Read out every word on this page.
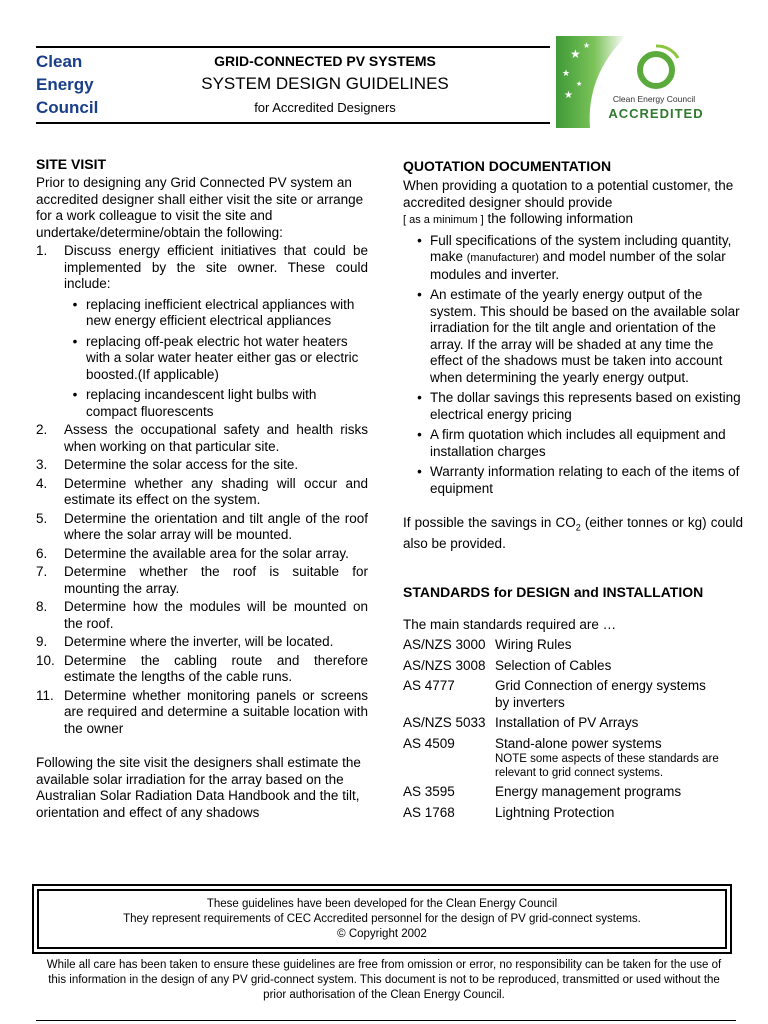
Clean
Energy
Council
GRID-CONNECTED PV SYSTEMS
SYSTEM DESIGN GUIDELINES
for Accredited Designers
★
★
★
★
★	Clean Energy Council
ACCREDITED
SITE VISIT

Prior to designing any Grid Connected PV system an accredited designer shall either visit the site or arrange for a work colleague to visit the site and undertake/determine/obtain the following:

1.	Discuss energy efficient initiatives that could be implemented by the site owner. These could include:
• replacing inefficient electrical appliances with new energy efficient electrical appliances
• replacing off-peak electric hot water heaters with a solar water heater either gas or electric boosted.(If applicable)
• replacing incandescent light bulbs with compact fluorescents
2.	Assess the occupational safety and health risks when working on that particular site.
3.	Determine the solar access for the site.
4.	Determine whether any shading will occur and estimate its effect on the system.
5.	Determine the orientation and tilt angle of the roof where the solar array will be mounted.
6.	Determine the available area for the solar array.
7.	Determine whether the roof is suitable for mounting the array.
8.	Determine how the modules will be mounted on the roof.
9.	Determine where the inverter, will be located.
10. Determine the cabling route and therefore estimate the lengths of the cable runs.
11. Determine whether monitoring panels or screens are required and determine a suitable location with the owner

Following the site visit the designers shall estimate the available solar irradiation for the array based on the Australian Solar Radiation Data Handbook and the tilt, orientation and effect of any shadows

QUOTATION DOCUMENTATION

When providing a quotation to a potential customer, the accredited designer should provide
[ as a minimum ] the following information

• Full specifications of the system including quantity, make (manufacturer) and model number of the solar modules and inverter.
• An estimate of the yearly energy output of the system. This should be based on the available solar irradiation for the tilt angle and orientation of the array. If the array will be shaded at any time the effect of the shadows must be taken into account when determining the yearly energy output.
• The dollar savings this represents based on existing electrical energy pricing
• A firm quotation which includes all equipment and installation charges
• Warranty information relating to each of the items of equipment

If possible the savings in $CO_2$ (either tonnes or kg) could also be provided.

STANDARDS for DESIGN and INSTALLATION

The main standards required are …

AS/NZS 3000 Wiring Rules
AS/NZS 3008 Selection of Cables
AS 4777	Grid Connection of energy systems by inverters
AS/NZS 5033 Installation of PV Arrays
AS 4509	Stand-alone power systems
NOTE some aspects of these standards are relevant to grid connect systems.
AS 3595	Energy management programs
AS 1768	Lightning Protection
These guidelines have been developed for the Clean Energy Council
They represent requirements of CEC Accredited personnel for the design of PV grid-connect systems.
© Copyright 2002
While all care has been taken to ensure these guidelines are free from omission or error, no responsibility can be taken for the use of this information in the design of any PV grid-connect system. This document is not to be reproduced, transmitted or used without the prior authorisation of the Clean Energy Council.
